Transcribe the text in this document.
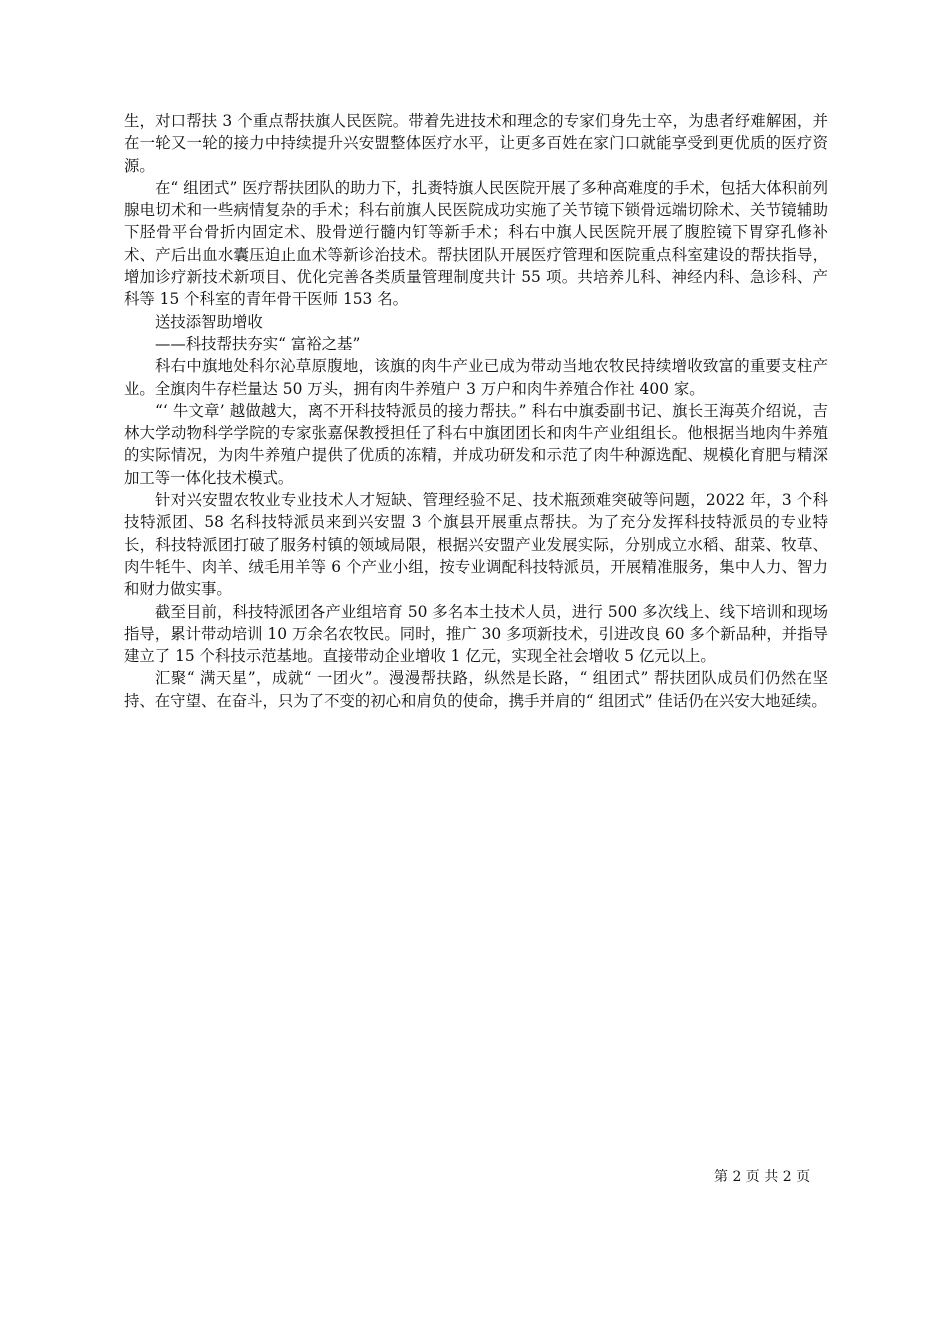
生，对口帮扶 3 个重点帮扶旗人民医院。带着先进技术和理念的专家们身先士卒，为患者纾难解困，并在一轮又一轮的接力中持续提升兴安盟整体医疗水平，让更多百姓在家门口就能享受到更优质的医疗资源。

在“ 组团式” 医疗帮扶团队的助力下，扎赉特旗人民医院开展了多种高难度的手术，包括大体积前列腺电切术和一些病情复杂的手术；科右前旗人民医院成功实施了关节镜下锁骨远端切除术、关节镜辅助下胫骨平台骨折内固定术、股骨逆行髓内钉等新手术；科右中旗人民医院开展了腹腔镜下胃穿孔修补术、产后出血水囊压迫止血术等新诊治技术。帮扶团队开展医疗管理和医院重点科室建设的帮扶指导，增加诊疗新技术新项目、优化完善各类质量管理制度共计 55 项。共培养儿科、神经内科、急诊科、产科等 15 个科室的青年骨干医师 153 名。

送技添智助增收

——科技帮扶夯实“ 富裕之基”

科右中旗地处科尔沁草原腹地，该旗的肉牛产业已成为带动当地农牧民持续增收致富的重要支柱产业。全旗肉牛存栏量达 50 万头，拥有肉牛养殖户 3 万户和肉牛养殖合作社 400 家。

“‘ 牛文章’ 越做越大，离不开科技特派员的接力帮扶。” 科右中旗委副书记、旗长王海英介绍说，吉林大学动物科学学院的专家张嘉保教授担任了科右中旗团团长和肉牛产业组组长。他根据当地肉牛养殖的实际情况，为肉牛养殖户提供了优质的冻精，并成功研发和示范了肉牛种源选配、规模化育肥与精深加工等一体化技术模式。

针对兴安盟农牧业专业技术人才短缺、管理经验不足、技术瓶颈难突破等问题，2022 年，3 个科技特派团、58 名科技特派员来到兴安盟 3 个旗县开展重点帮扶。为了充分发挥科技特派员的专业特长，科技特派团打破了服务村镇的领域局限，根据兴安盟产业发展实际，分别成立水稻、甜菜、牧草、肉牛牦牛、肉羊、绒毛用羊等 6 个产业小组，按专业调配科技特派员，开展精准服务，集中人力、智力和财力做实事。

截至目前，科技特派团各产业组培育 50 多名本土技术人员，进行 500 多次线上、线下培训和现场指导，累计带动培训 10 万余名农牧民。同时，推广 30 多项新技术，引进改良 60 多个新品种，并指导建立了 15 个科技示范基地。直接带动企业增收 1 亿元，实现全社会增收 5 亿元以上。

汇聚“ 满天星”，成就“ 一团火”。漫漫帮扶路，纵然是长路，“ 组团式” 帮扶团队成员们仍然在坚持、在守望、在奋斗，只为了不变的初心和肩负的使命，携手并肩的“ 组团式” 佳话仍在兴安大地延续。

第 2 页 共 2 页
